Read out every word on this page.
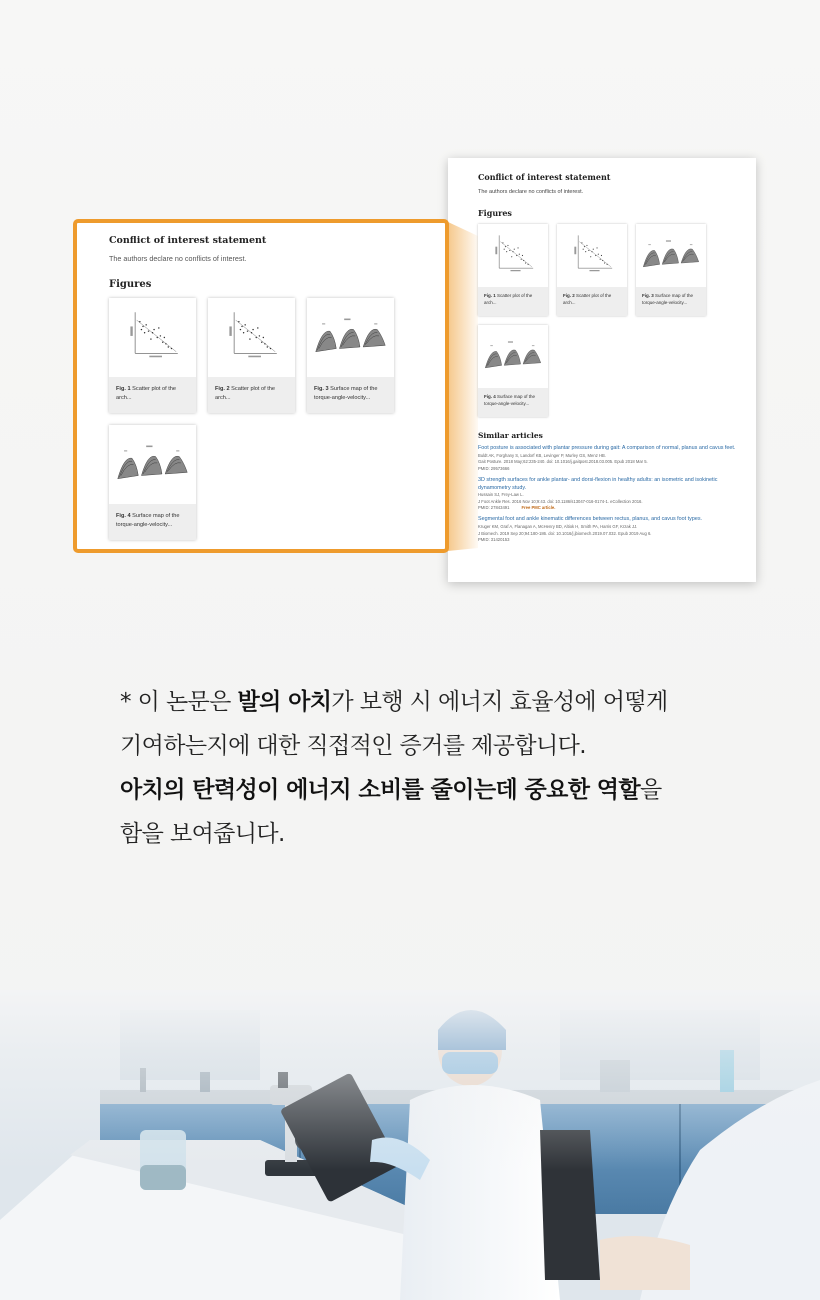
Conflict of interest statement
The authors declare no conflicts of interest.
Figures
Fig. 1 Scatter plot of the arch...
Fig. 2 Scatter plot of the arch...
Fig. 3 Surface map of the torque-angle-velocity...
Fig. 4 Surface map of the torque-angle-velocity...
Similar articles
Foot posture is associated with plantar pressure during gait: A comparison of normal, planus and cavus feet.
Buldt AK, Forghany S, Landorf KB, Levinger P, Murley GS, Menz HB.
Gait Posture. 2018 May;62:235-240. doi: 10.1016/j.gaitpost.2018.03.005. Epub 2018 Mar 5.
PMID: 29573666
3D strength surfaces for ankle plantar- and dorsi-flexion in healthy adults: an isometric and isokinetic dynamometry study.
Hussain SJ, Frey-Law L.
J Foot Ankle Res. 2016 Nov 10;9:43. doi: 10.1186/s13047-016-0174-1. eCollection 2016.
PMID: 27843491	Free PMC article.
Segmental foot and ankle kinematic differences between rectus, planus, and cavus foot types.
Kruger KM, Graf A, Flanagan A, McHenry BD, Altiok H, Smith PA, Harris GF, Krzak JJ.
J Biomech. 2019 Sep 20;94:180-186. doi: 10.1016/j.jbiomech.2019.07.032. Epub 2019 Aug 6.
PMID: 31420153
Conflict of interest statement
The authors declare no conflicts of interest.
Figures
Fig. 1 Scatter plot of the arch...
Fig. 2 Scatter plot of the arch...
Fig. 3 Surface map of the torque-angle-velocity...
Fig. 4 Surface map of the torque-angle-velocity...
* 이 논문은 발의 아치가 보행 시 에너지 효율성에 어떻게
기여하는지에 대한 직접적인 증거를 제공합니다.
아치의 탄력성이 에너지 소비를 줄이는데 중요한 역할을
함을 보여줍니다.
